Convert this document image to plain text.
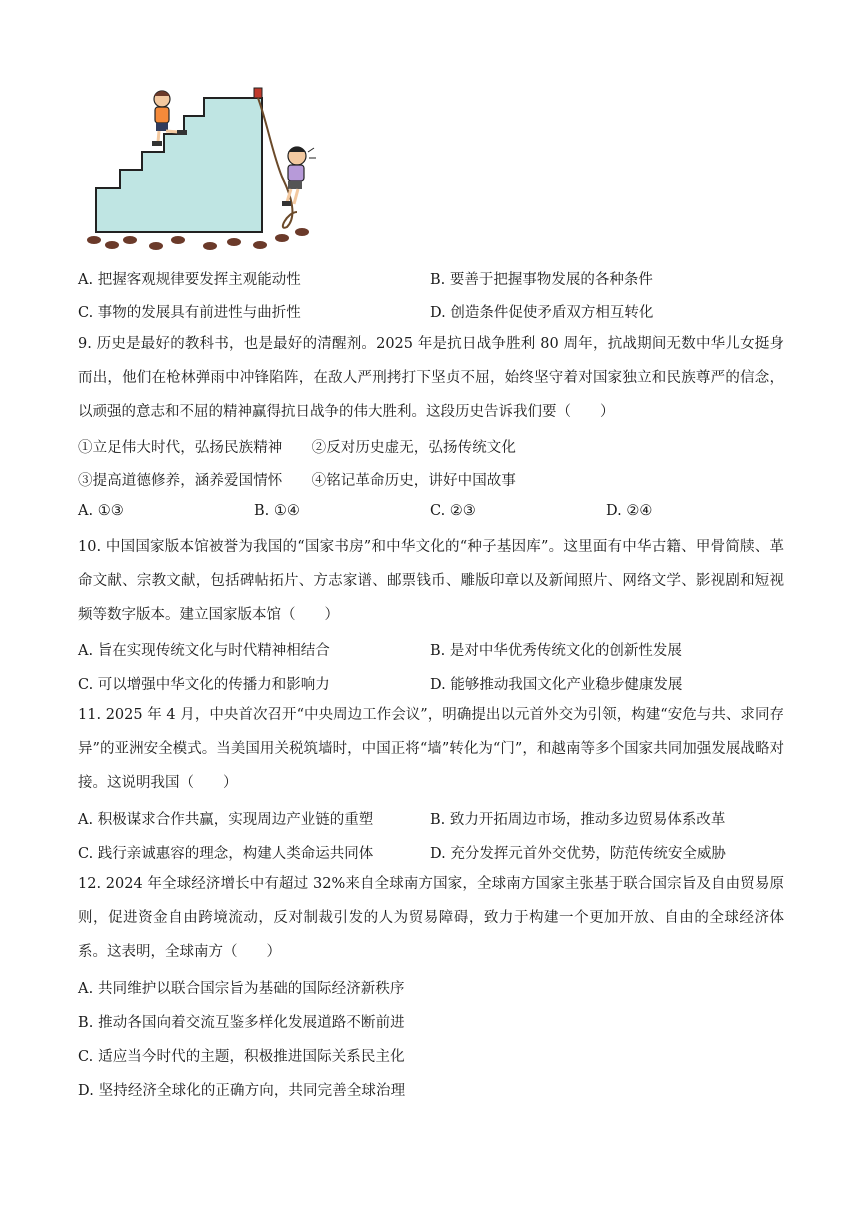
A. 把握客观规律要发挥主观能动性	B. 要善于把握事物发展的各种条件
C. 事物的发展具有前进性与曲折性	D. 创造条件促使矛盾双方相互转化
9. 历史是最好的教科书，也是最好的清醒剂。2025 年是抗日战争胜利 80 周年，抗战期间无数中华儿女挺身而出，他们在枪林弹雨中冲锋陷阵，在敌人严刑拷打下坚贞不屈，始终坚守着对国家独立和民族尊严的信念，以顽强的意志和不屈的精神赢得抗日战争的伟大胜利。这段历史告诉我们要（　　）
①立足伟大时代，弘扬民族精神　　②反对历史虚无，弘扬传统文化
③提高道德修养，涵养爱国情怀　　④铭记革命历史，讲好中国故事
A. ①③	B. ①④	C. ②③	D. ②④
10. 中国国家版本馆被誉为我国的“国家书房”和中华文化的“种子基因库”。这里面有中华古籍、甲骨简牍、革命文献、宗教文献，包括碑帖拓片、方志家谱、邮票钱币、雕版印章以及新闻照片、网络文学、影视剧和短视频等数字版本。建立国家版本馆（　　）
A. 旨在实现传统文化与时代精神相结合	B. 是对中华优秀传统文化的创新性发展
C. 可以增强中华文化的传播力和影响力	D. 能够推动我国文化产业稳步健康发展
11. 2025 年 4 月，中央首次召开“中央周边工作会议”，明确提出以元首外交为引领，构建“安危与共、求同存异”的亚洲安全模式。当美国用关税筑墙时，中国正将“墙”转化为“门”，和越南等多个国家共同加强发展战略对接。这说明我国（　　）
A. 积极谋求合作共赢，实现周边产业链的重塑	B. 致力开拓周边市场，推动多边贸易体系改革
C. 践行亲诚惠容的理念，构建人类命运共同体	D. 充分发挥元首外交优势，防范传统安全威胁
12. 2024 年全球经济增长中有超过 32%来自全球南方国家，全球南方国家主张基于联合国宗旨及自由贸易原则，促进资金自由跨境流动，反对制裁引发的人为贸易障碍，致力于构建一个更加开放、自由的全球经济体系。这表明，全球南方（　　）
A. 共同维护以联合国宗旨为基础的国际经济新秩序
B. 推动各国向着交流互鉴多样化发展道路不断前进
C. 适应当今时代的主题，积极推进国际关系民主化
D. 坚持经济全球化的正确方向，共同完善全球治理
